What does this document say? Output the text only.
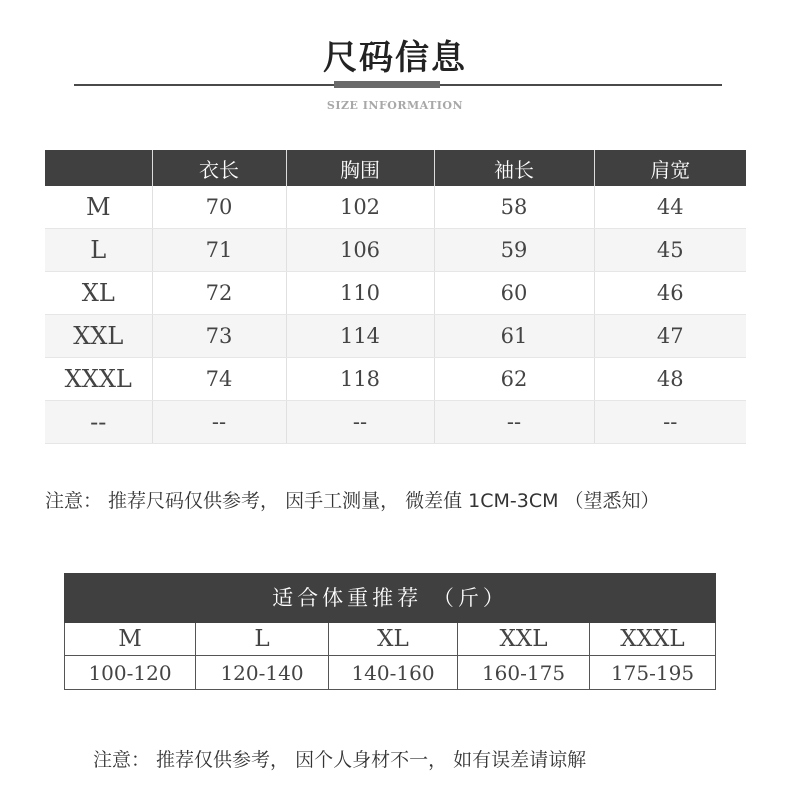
尺码信息
SIZE INFORMATION
	衣长	胸围	袖长	肩宽
M	70	102	58	44
L	71	106	59	45
XL	72	110	60	46
XXL	73	114	61	47
XXXL	74	118	62	48
--	--	--	--	--
注意： 推荐尺码仅供参考， 因手工测量， 微差值 1CM-3CM （望悉知）
适合体重推荐 （斤）
M	L	XL	XXL	XXXL
100-120	120-140	140-160	160-175	175-195
注意： 推荐仅供参考， 因个人身材不一， 如有误差请谅解
